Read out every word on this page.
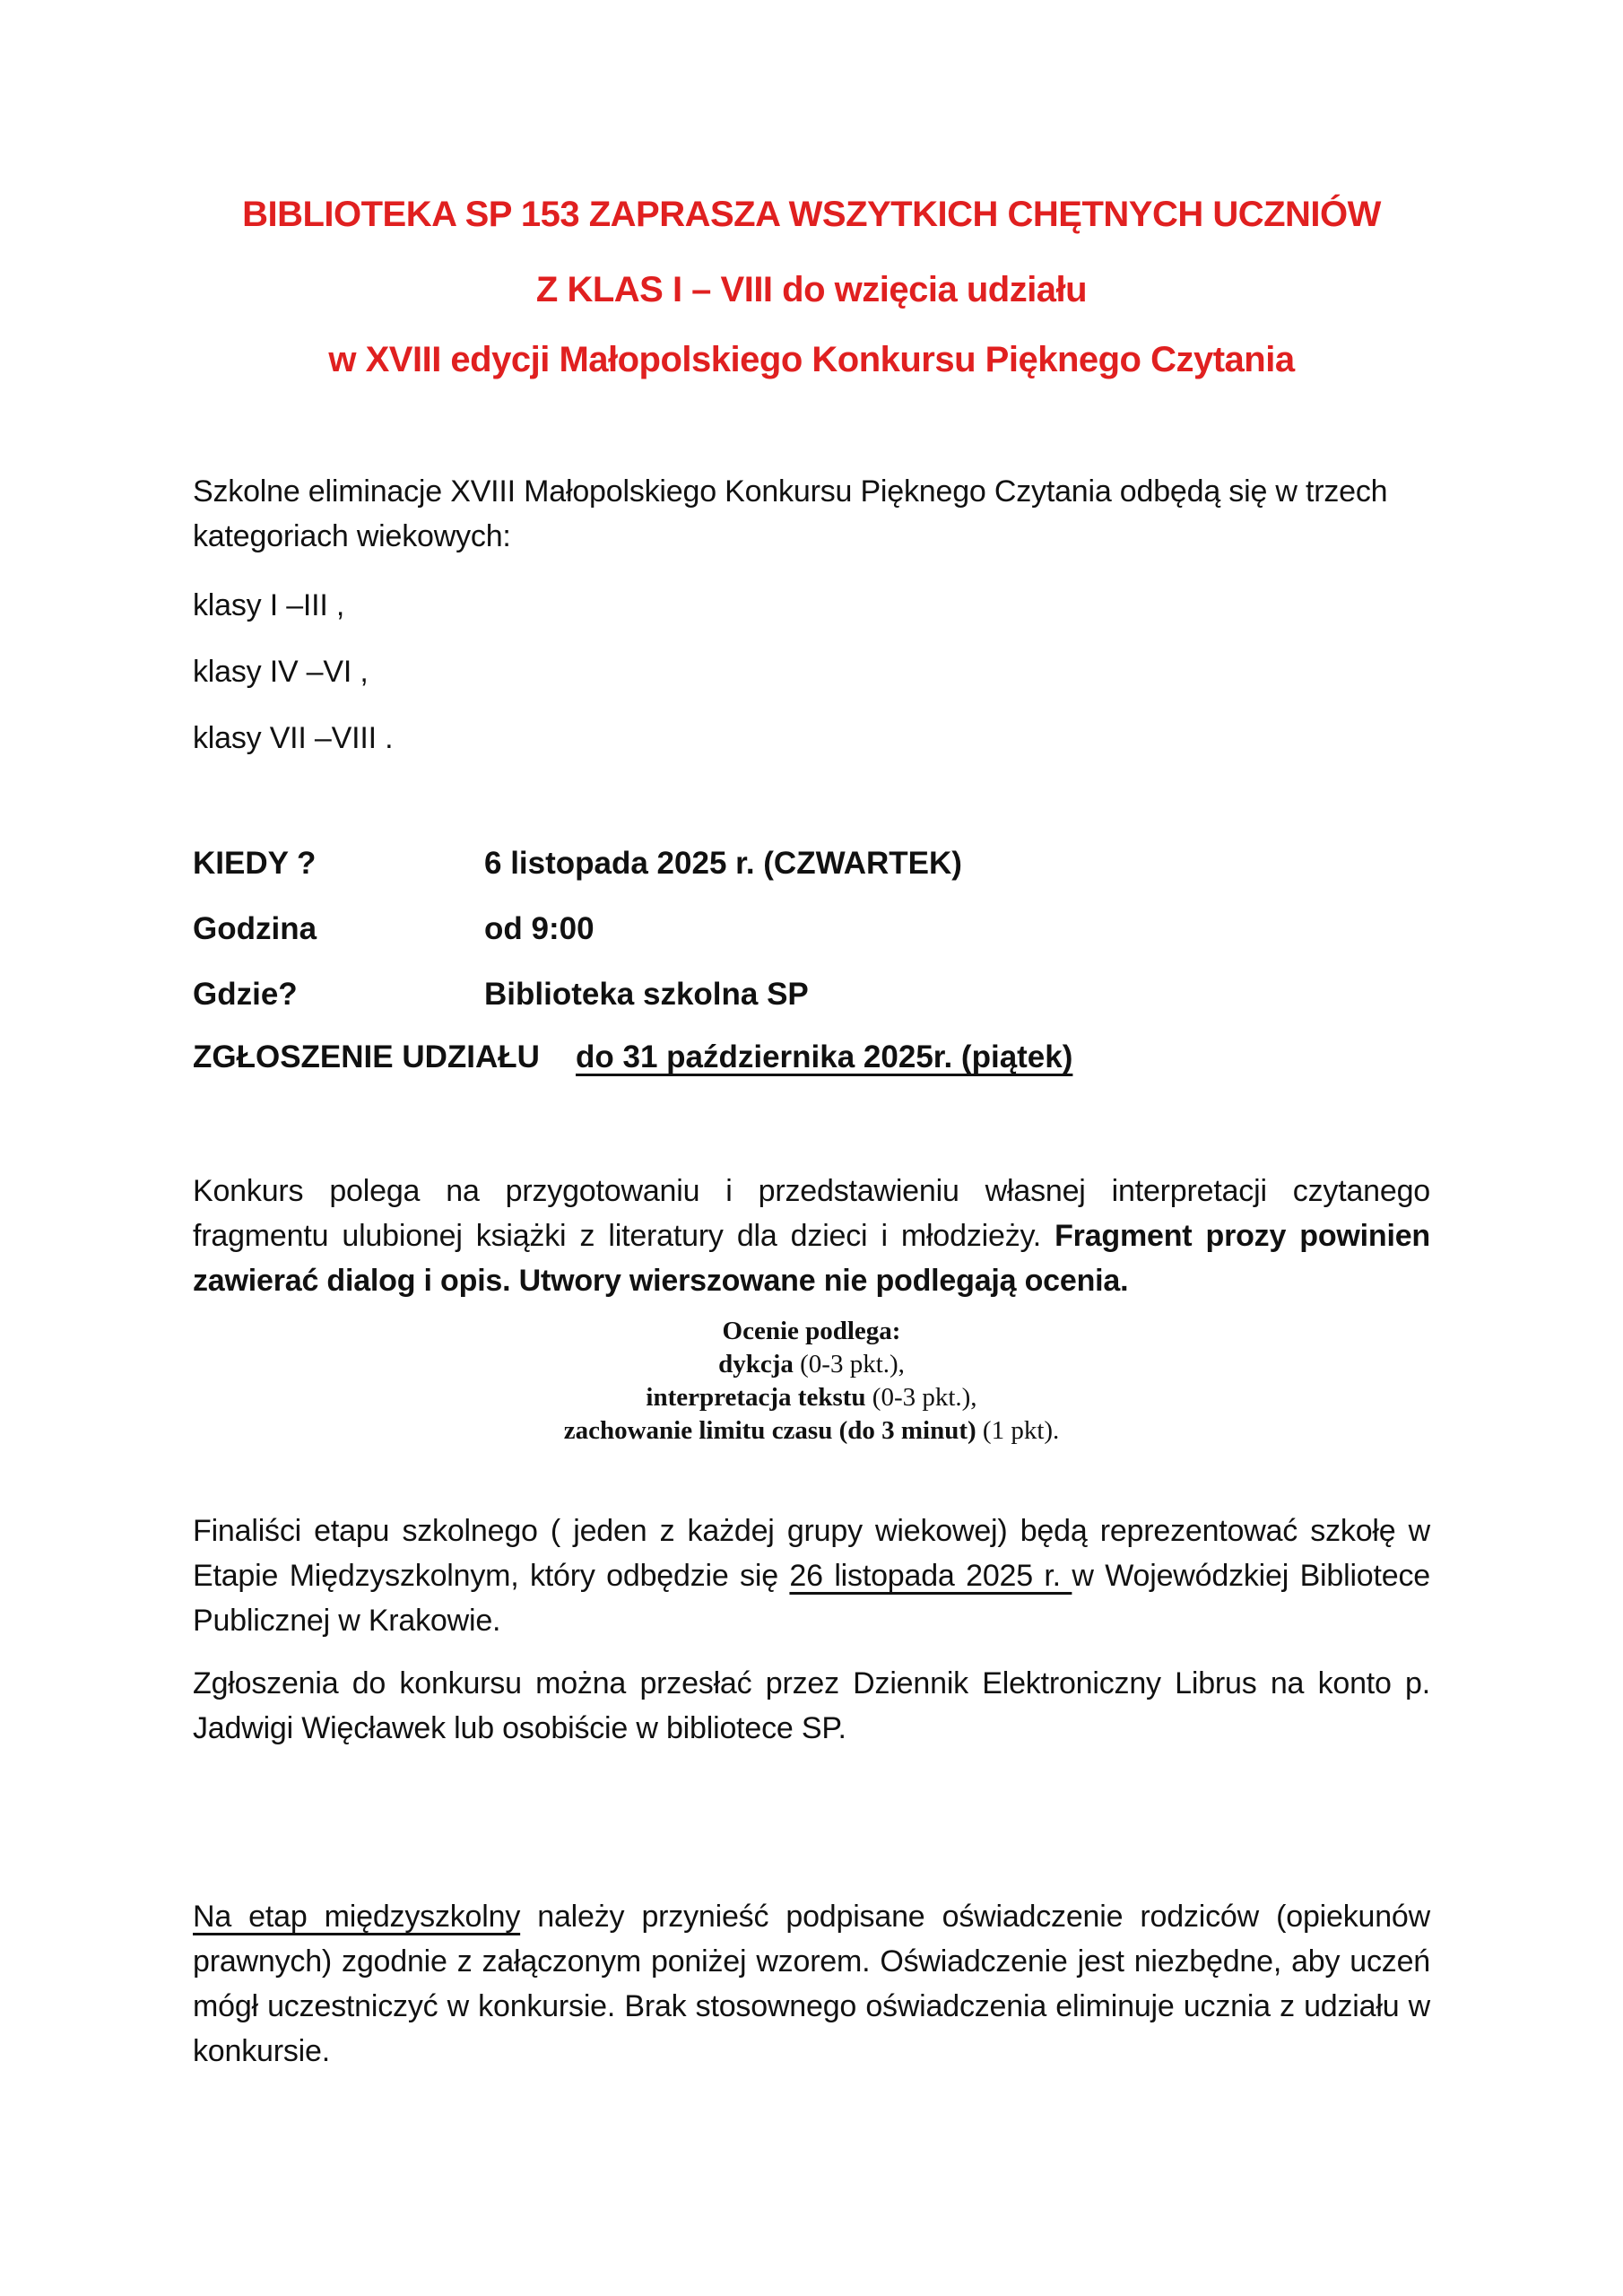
BIBLIOTEKA SP 153 ZAPRASZA WSZYTKICH CHĘTNYCH UCZNIÓW
Z KLAS I – VIII do wzięcia udziału
w XVIII edycji Małopolskiego Konkursu Pięknego Czytania
Szkolne eliminacje XVIII Małopolskiego Konkursu Pięknego Czytania odbędą się w trzech kategoriach wiekowych:
klasy I –III ,
klasy IV –VI ,
klasy VII –VIII .
KIEDY ?	6 listopada 2025 r. (CZWARTEK)
Godzina	od 9:00
Gdzie?	Biblioteka szkolna SP
ZGŁOSZENIE UDZIAŁU	do 31 października 2025r. (piątek)
Konkurs polega na przygotowaniu i przedstawieniu własnej interpretacji czytanego fragmentu ulubionej książki z literatury dla dzieci i młodzieży. Fragment prozy powinien zawierać dialog i opis. Utwory wierszowane nie podlegają ocenia.
Ocenie podlega:
dykcja (0-3 pkt.),
interpretacja tekstu (0-3 pkt.),
zachowanie limitu czasu (do 3 minut) (1 pkt).
Finaliści etapu szkolnego ( jeden z każdej grupy wiekowej) będą reprezentować szkołę w Etapie Międzyszkolnym, który odbędzie się 26 listopada 2025 r. w Wojewódzkiej Bibliotece Publicznej w Krakowie.
Zgłoszenia do konkursu można przesłać przez Dziennik Elektroniczny Librus na konto p. Jadwigi Więcławek lub osobiście w bibliotece SP.
Na etap międzyszkolny należy przynieść podpisane oświadczenie rodziców (opiekunów prawnych) zgodnie z załączonym poniżej wzorem. Oświadczenie jest niezbędne, aby uczeń mógł uczestniczyć w konkursie. Brak stosownego oświadczenia eliminuje ucznia z udziału w konkursie.
